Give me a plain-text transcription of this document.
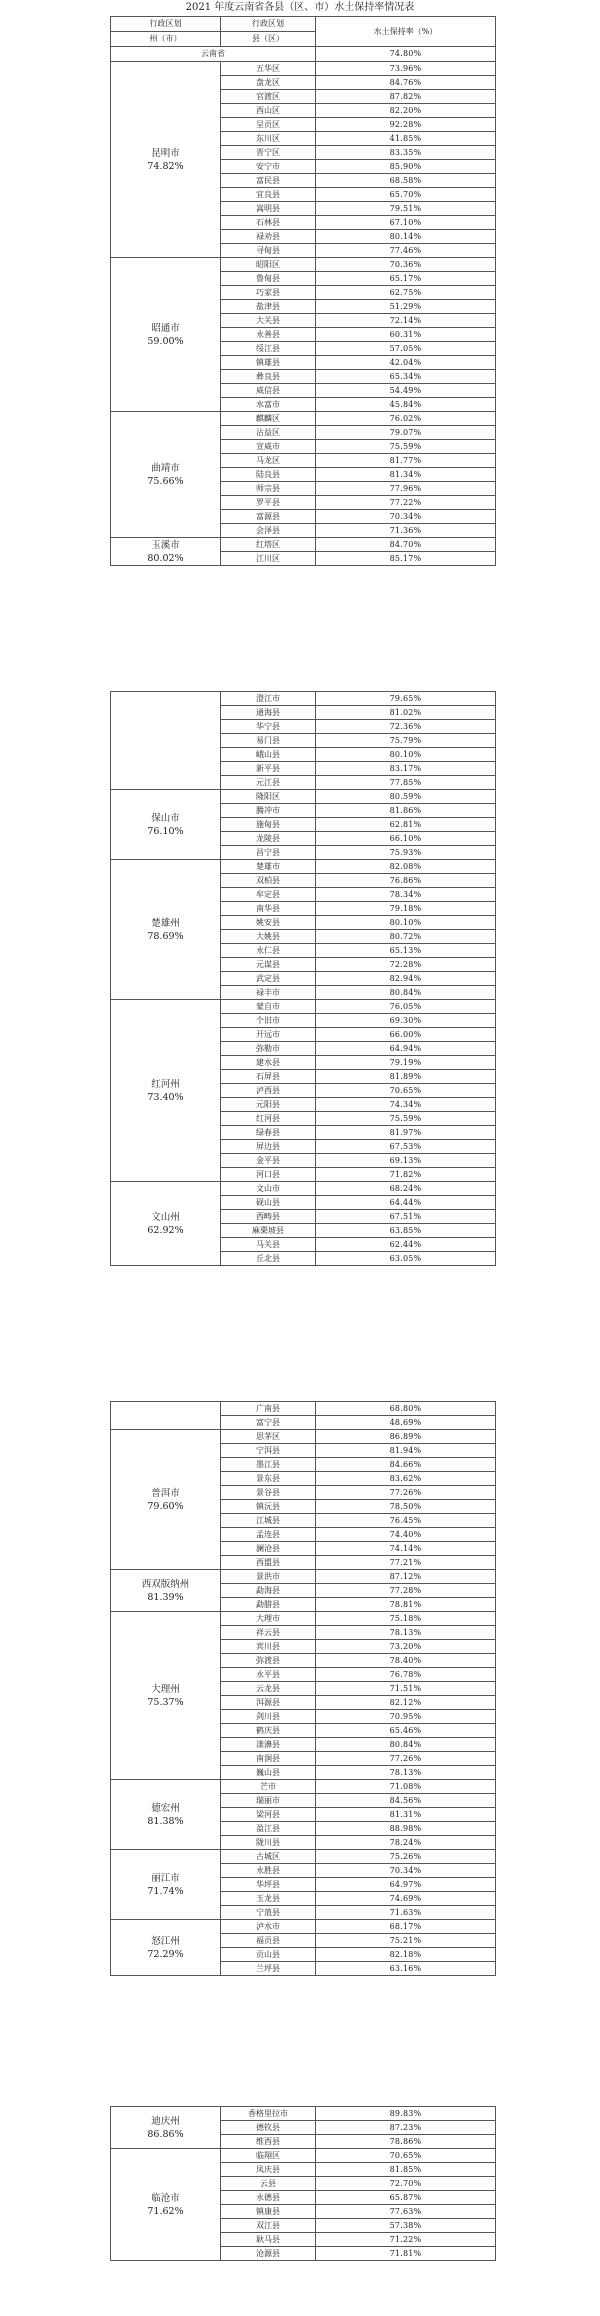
2021 年度云南省各县（区、市）水土保持率情况表
行政区划	行政区划	水土保持率（%）
州（市）	县（区）	
云南省		74.80%

昆明市
74.82%	五华区	73.96%
	盘龙区	84.76%
	官渡区	87.82%
	西山区	82.20%
	呈贡区	92.28%
	东川区	41.85%
	晋宁区	83.35%
	安宁市	85.90%
	富民县	68.58%
	宜良县	65.70%
	嵩明县	79.51%
	石林县	67.10%
	禄劝县	80.14%
	寻甸县	77.46%

昭通市
59.00%	昭阳区	70.36%
	鲁甸县	65.17%
	巧家县	62.75%
	盐津县	51.29%
	大关县	72.14%
	永善县	60.31%
	绥江县	57.05%
	镇雄县	42.04%
	彝良县	65.34%
	威信县	54.49%
	水富市	45.84%

曲靖市
75.66%	麒麟区	76.02%
	沾益区	79.07%
	宣威市	75.59%
	马龙区	81.77%
	陆良县	81.34%
	师宗县	77.96%
	罗平县	77.22%
	富源县	70.34%
	会泽县	71.36%

玉溪市
80.02%	红塔区	84.70%
	江川区	85.17%
	澄江市	79.65%
	通海县	81.02%
	华宁县	72.36%
	易门县	75.79%
	峨山县	80.10%
	新平县	83.17%
	元江县	77.85%

保山市
76.10%	隆阳区	80.59%
	腾冲市	81.86%
	施甸县	62.81%
	龙陵县	66.10%
	昌宁县	75.93%

楚雄州
78.69%	楚雄市	82.08%
	双柏县	76.86%
	牟定县	78.34%
	南华县	79.18%
	姚安县	80.10%
	大姚县	80.72%
	永仁县	65.13%
	元谋县	72.28%
	武定县	82.94%
	禄丰市	80.84%

红河州
73.40%	蒙自市	76.05%
	个旧市	69.30%
	开远市	66.00%
	弥勒市	64.94%
	建水县	79.19%
	石屏县	81.89%
	泸西县	70.65%
	元阳县	74.34%
	红河县	75.59%
	绿春县	81.97%
	屏边县	67.53%
	金平县	69.13%
	河口县	71.82%

文山州
62.92%	文山市	68.24%
	砚山县	64.44%
	西畴县	67.51%
	麻栗坡县	63.85%
	马关县	62.44%
	丘北县	63.05%
	广南县	68.80%
	富宁县	48.69%

普洱市
79.60%	思茅区	86.89%
	宁洱县	81.94%
	墨江县	84.66%
	景东县	83.62%
	景谷县	77.26%
	镇沅县	78.50%
	江城县	76.45%
	孟连县	74.40%
	澜沧县	74.14%
	西盟县	77.21%

西双版纳州
81.39%	景洪市	87.12%
	勐海县	77.28%
	勐腊县	78.81%

大理州
75.37%	大理市	75.18%
	祥云县	78.13%
	宾川县	73.20%
	弥渡县	78.40%
	永平县	76.78%
	云龙县	71.51%
	洱源县	82.12%
	剑川县	70.95%
	鹤庆县	65.46%
	漾濞县	80.84%
	南涧县	77.26%
	巍山县	78.13%

德宏州
81.38%	芒市	71.08%
	瑞丽市	84.56%
	梁河县	81.31%
	盈江县	88.98%
	陇川县	78.24%

丽江市
71.74%	古城区	75.26%
	永胜县	70.34%
	华坪县	64.97%
	玉龙县	74.69%
	宁蒗县	71.63%

怒江州
72.29%	泸水市	68.17%
	福贡县	75.21%
	贡山县	82.18%
	兰坪县	63.16%
迪庆州
86.86%	香格里拉市	89.83%
	德钦县	87.23%
	维西县	78.86%

临沧市
71.62%	临翔区	70.65%
	凤庆县	81.85%
	云县	72.70%
	永德县	65.87%
	镇康县	77.63%
	双江县	57.38%
	耿马县	71.22%
	沧源县	71.81%
